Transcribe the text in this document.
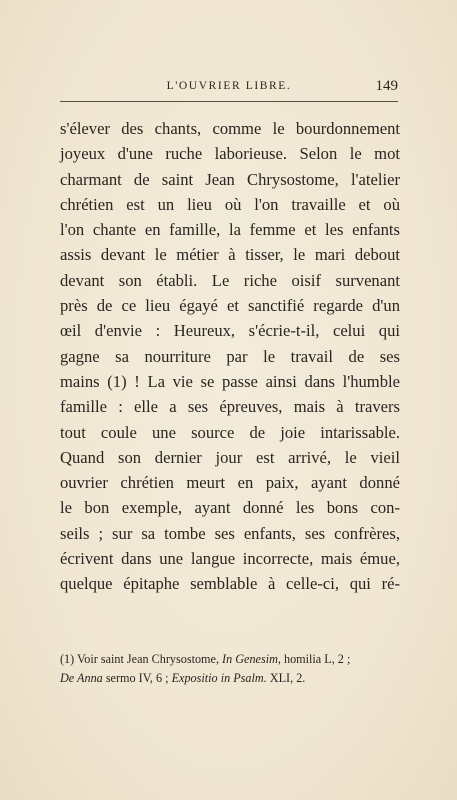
L'OUVRIER LIBRE.	149
s'élever des chants, comme le bourdonnement
joyeux d'une ruche laborieuse. Selon le mot
charmant de saint Jean Chrysostome, l'atelier
chrétien est un lieu où l'on travaille et où
l'on chante en famille, la femme et les enfants
assis devant le métier à tisser, le mari debout
devant son établi. Le riche oisif survenant
près de ce lieu égayé et sanctifié regarde d'un
œil d'envie : Heureux, s'écrie-t-il, celui qui
gagne sa nourriture par le travail de ses
mains (1) ! La vie se passe ainsi dans l'humble
famille : elle a ses épreuves, mais à travers
tout coule une source de joie intarissable.
Quand son dernier jour est arrivé, le vieil
ouvrier chrétien meurt en paix, ayant donné
le bon exemple, ayant donné les bons con-
seils ; sur sa tombe ses enfants, ses confrères,
écrivent dans une langue incorrecte, mais émue,
quelque épitaphe semblable à celle-ci, qui ré-
(1) Voir saint Jean Chrysostome, In Genesim, homilia L, 2 ;
De Anna sermo IV, 6 ; Expositio in Psalm. XLI, 2.
